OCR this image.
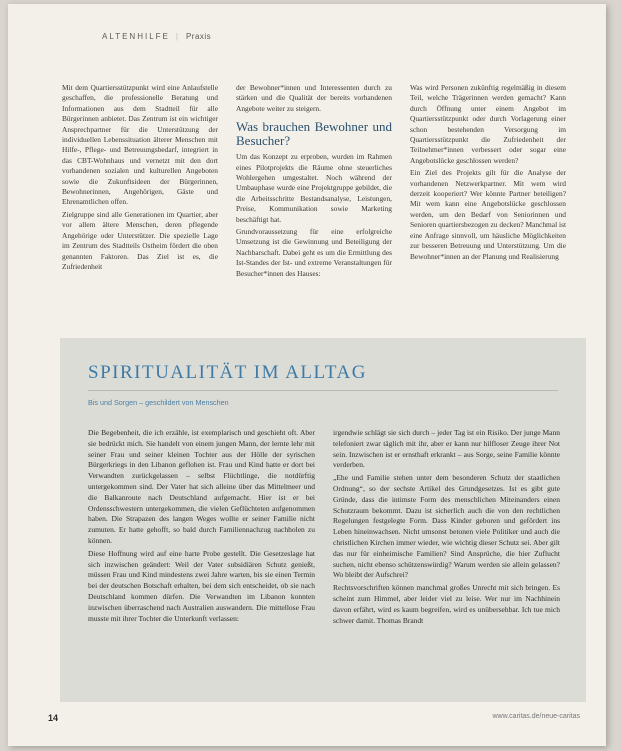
ALTENHILFE | Praxis

Mit dem Quartiersstützpunkt wird eine Anlaufstelle geschaffen, die professionelle Beratung und Informationen aus dem Stadtteil für alle Bürgerinnen anbietet. Das Zentrum ist ein wichtiger Ansprechpartner für die Unterstützung der individuellen Lebenssituation älterer Menschen mit Hilfe-, Pflege- und Betreuungsbedarf, integriert in das CBT-Wohnhaus und vernetzt mit den dort vorhandenen sozialen und kulturellen Angeboten sowie die Zukunftsideen der Bürgerinnen, Bewohnerinnen, Angehörigen, Gäste und Ehrenamtlichen offen.

Zielgruppe sind alle Generationen im Quartier, aber vor allem ältere Menschen, deren pflegende Angehörige oder Unterstützer. Die spezielle Lage im Zentrum des Stadtteils Ostheim fördert die oben genannten Faktoren. Das Ziel ist es, die Zufriedenheit

der Bewohner*innen und Interessenten durch zu stärken und die Qualität der bereits vorhandenen Angebote weiter zu steigern.

Was brauchen Bewohner und Besucher?

Um das Konzept zu erproben, wurden im Rahmen eines Pilotprojekts die Räume ohne steuerliches Wohlergehen umgestaltet. Noch während der Umbauphase wurde eine Projektgruppe gebildet, die die Arbeitsschritte Bestandsanalyse, Leistungen, Preise, Kommunikation sowie Marketing beschäftigt hat.

Grundvoraussetzung für eine erfolgreiche Umsetzung ist die Gewinnung und Beteiligung der Nachbarschaft. Dabei geht es um die Ermittlung des Ist-Standes der Ist- und extreme Veranstaltungen für Besucher*innen des Hauses:

Was wird Personen zukünftig regelmäßig in diesem Teil, welche Trägerinnen werden gemacht? Kann durch Öffnung unter einem Angebot im Quartiersstützpunkt oder durch Vorlagerung einer schon bestehenden Versorgung im Quartiersstützpunkt die Zufriedenheit der Teilnehmer*innen verbessert oder sogar eine Angebotslücke geschlossen werden?

Ein Ziel des Projekts gilt für die Analyse der vorhandenen Netzwerkpartner. Mit wem wird derzeit kooperiert? Wer könnte Partner beteiligen? Mit wem kann eine Angebotslücke geschlossen werden, um den Bedarf von Seniorinnen und Senioren quartiersbezogen zu decken? Manchmal ist eine Anfrage sinnvoll, um häusliche Möglichkeiten zur besseren Betreuung und Unterstützung. Um die Bewohner*innen an der Planung und Realisierung

SPIRITUALITÄT IM ALLTAG
Bis und Sorgen – geschildert von Menschen

Die Begebenheit, die ich erzähle, ist exemplarisch und geschieht oft. Aber sie bedrückt mich. Sie handelt von einem jungen Mann, der lernte lehr mit seiner Frau und seiner kleinen Tochter aus der Hölle der syrischen Bürgerkriegs in den Libanon geflohen ist. Frau und Kind hatte er dort bei Verwandten zurückgelassen – selbst Flüchtlinge, die notdürftig untergekommen sind. Der Vater hat sich alleine über das Mittelmeer und die Balkanroute nach Deutschland aufgemacht. Hier ist er bei Ordensschwestern untergekommen, die vielen Geflüchteten aufgenommen haben. Die Strapazen des langen Weges wollte er seiner Familie nicht zumuten. Er hatte gehofft, so bald durch Familiennachzug nachholen zu können.

Diese Hoffnung wird auf eine harte Probe gestellt. Die Gesetzeslage hat sich inzwischen geändert: Weil der Vater subsidiären Schutz genießt, müssen Frau und Kind mindestens zwei Jahre warten, bis sie einen Termin bei der deutschen Botschaft erhalten, bei dem sich entscheidet, ob sie nach Deutschland kommen dürfen. Die Verwandten im Libanon konnten inzwischen überraschend nach Australien auswandern. Die mittellose Frau musste mit ihrer Tochter die Unterkunft verlassen:

irgendwie schlägt sie sich durch – jeder Tag ist ein Risiko. Der junge Mann telefoniert zwar täglich mit ihr, aber er kann nur hilfloser Zeuge ihrer Not sein. Inzwischen ist er ernsthaft erkrankt – aus Sorge, seine Familie könnte verderben.

„Ehe und Familie stehen unter dem besonderen Schutz der staatlichen Ordnung“, so der sechste Artikel des Grundgesetzes. Ist es gibt gute Gründe, dass die intimste Form des menschlichen Miteinanders einen Schutzraum bekommt. Dazu ist sicherlich auch die von den rechtlichen Regelungen festgelegte Form. Dass Kinder geboren und gefördert ins Leben hineinwachsen. Nicht umsonst betonen viele Politiker und auch die christlichen Kirchen immer wieder, wie wichtig dieser Schutz sei. Aber gilt das nur für einheimische Familien? Sind Ansprüche, die hier Zuflucht suchen, nicht ebenso schützenswürdig? Warum werden sie allein gelassen? Wo bleibt der Aufschrei?

Rechtsvorschriften können manchmal großes Unrecht mit sich bringen. Es scheint zum Himmel, aber leider viel zu leise. Wer nur im Nachhinein davon erfährt, wird es kaum begreifen, wird es unübersehbar. Ich tue mich schwer damit. Thomas Brandt

14	www.caritas.de/neue-caritas
